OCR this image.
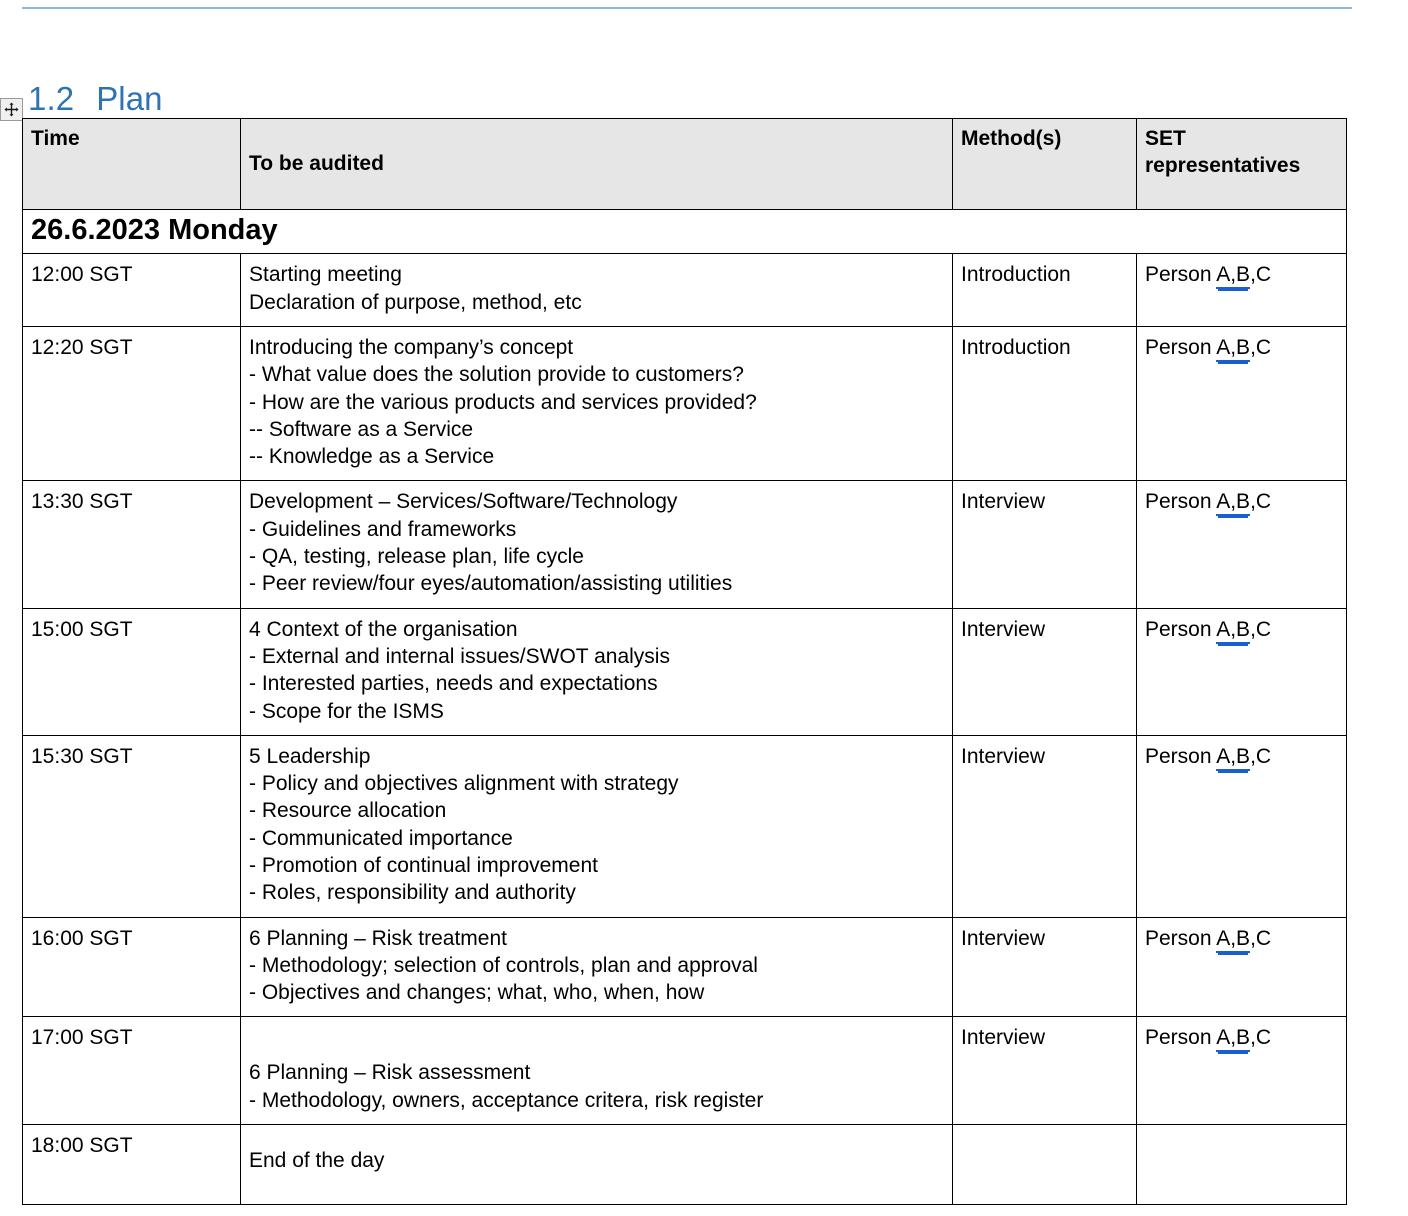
1.2 Plan
Time	To be audited	Method(s)	SET
representatives

26.6.2023 Monday			
12:00 SGT	Starting meeting
Declaration of purpose, method, etc	Introduction	Person A,B,C
12:20 SGT	Introducing the company’s concept
- What value does the solution provide to customers?
- How are the various products and services provided?
-- Software as a Service
-- Knowledge as a Service	Introduction	Person A,B,C
13:30 SGT	Development – Services/Software/Technology
- Guidelines and frameworks
- QA, testing, release plan, life cycle
- Peer review/four eyes/automation/assisting utilities	Interview	Person A,B,C
15:00 SGT	4 Context of the organisation
- External and internal issues/SWOT analysis
- Interested parties, needs and expectations
- Scope for the ISMS	Interview	Person A,B,C
15:30 SGT	5 Leadership
- Policy and objectives alignment with strategy
- Resource allocation
- Communicated importance
- Promotion of continual improvement
- Roles, responsibility and authority
	Interview	Person A,B,C
16:00 SGT	6 Planning – Risk treatment
- Methodology; selection of controls, plan and approval
- Objectives and changes; what, who, when, how	Interview	Person A,B,C
17:00 SGT	6 Planning – Risk assessment
- Methodology, owners, acceptance critera, risk register	Interview	Person A,B,C
18:00 SGT	End of the day		
